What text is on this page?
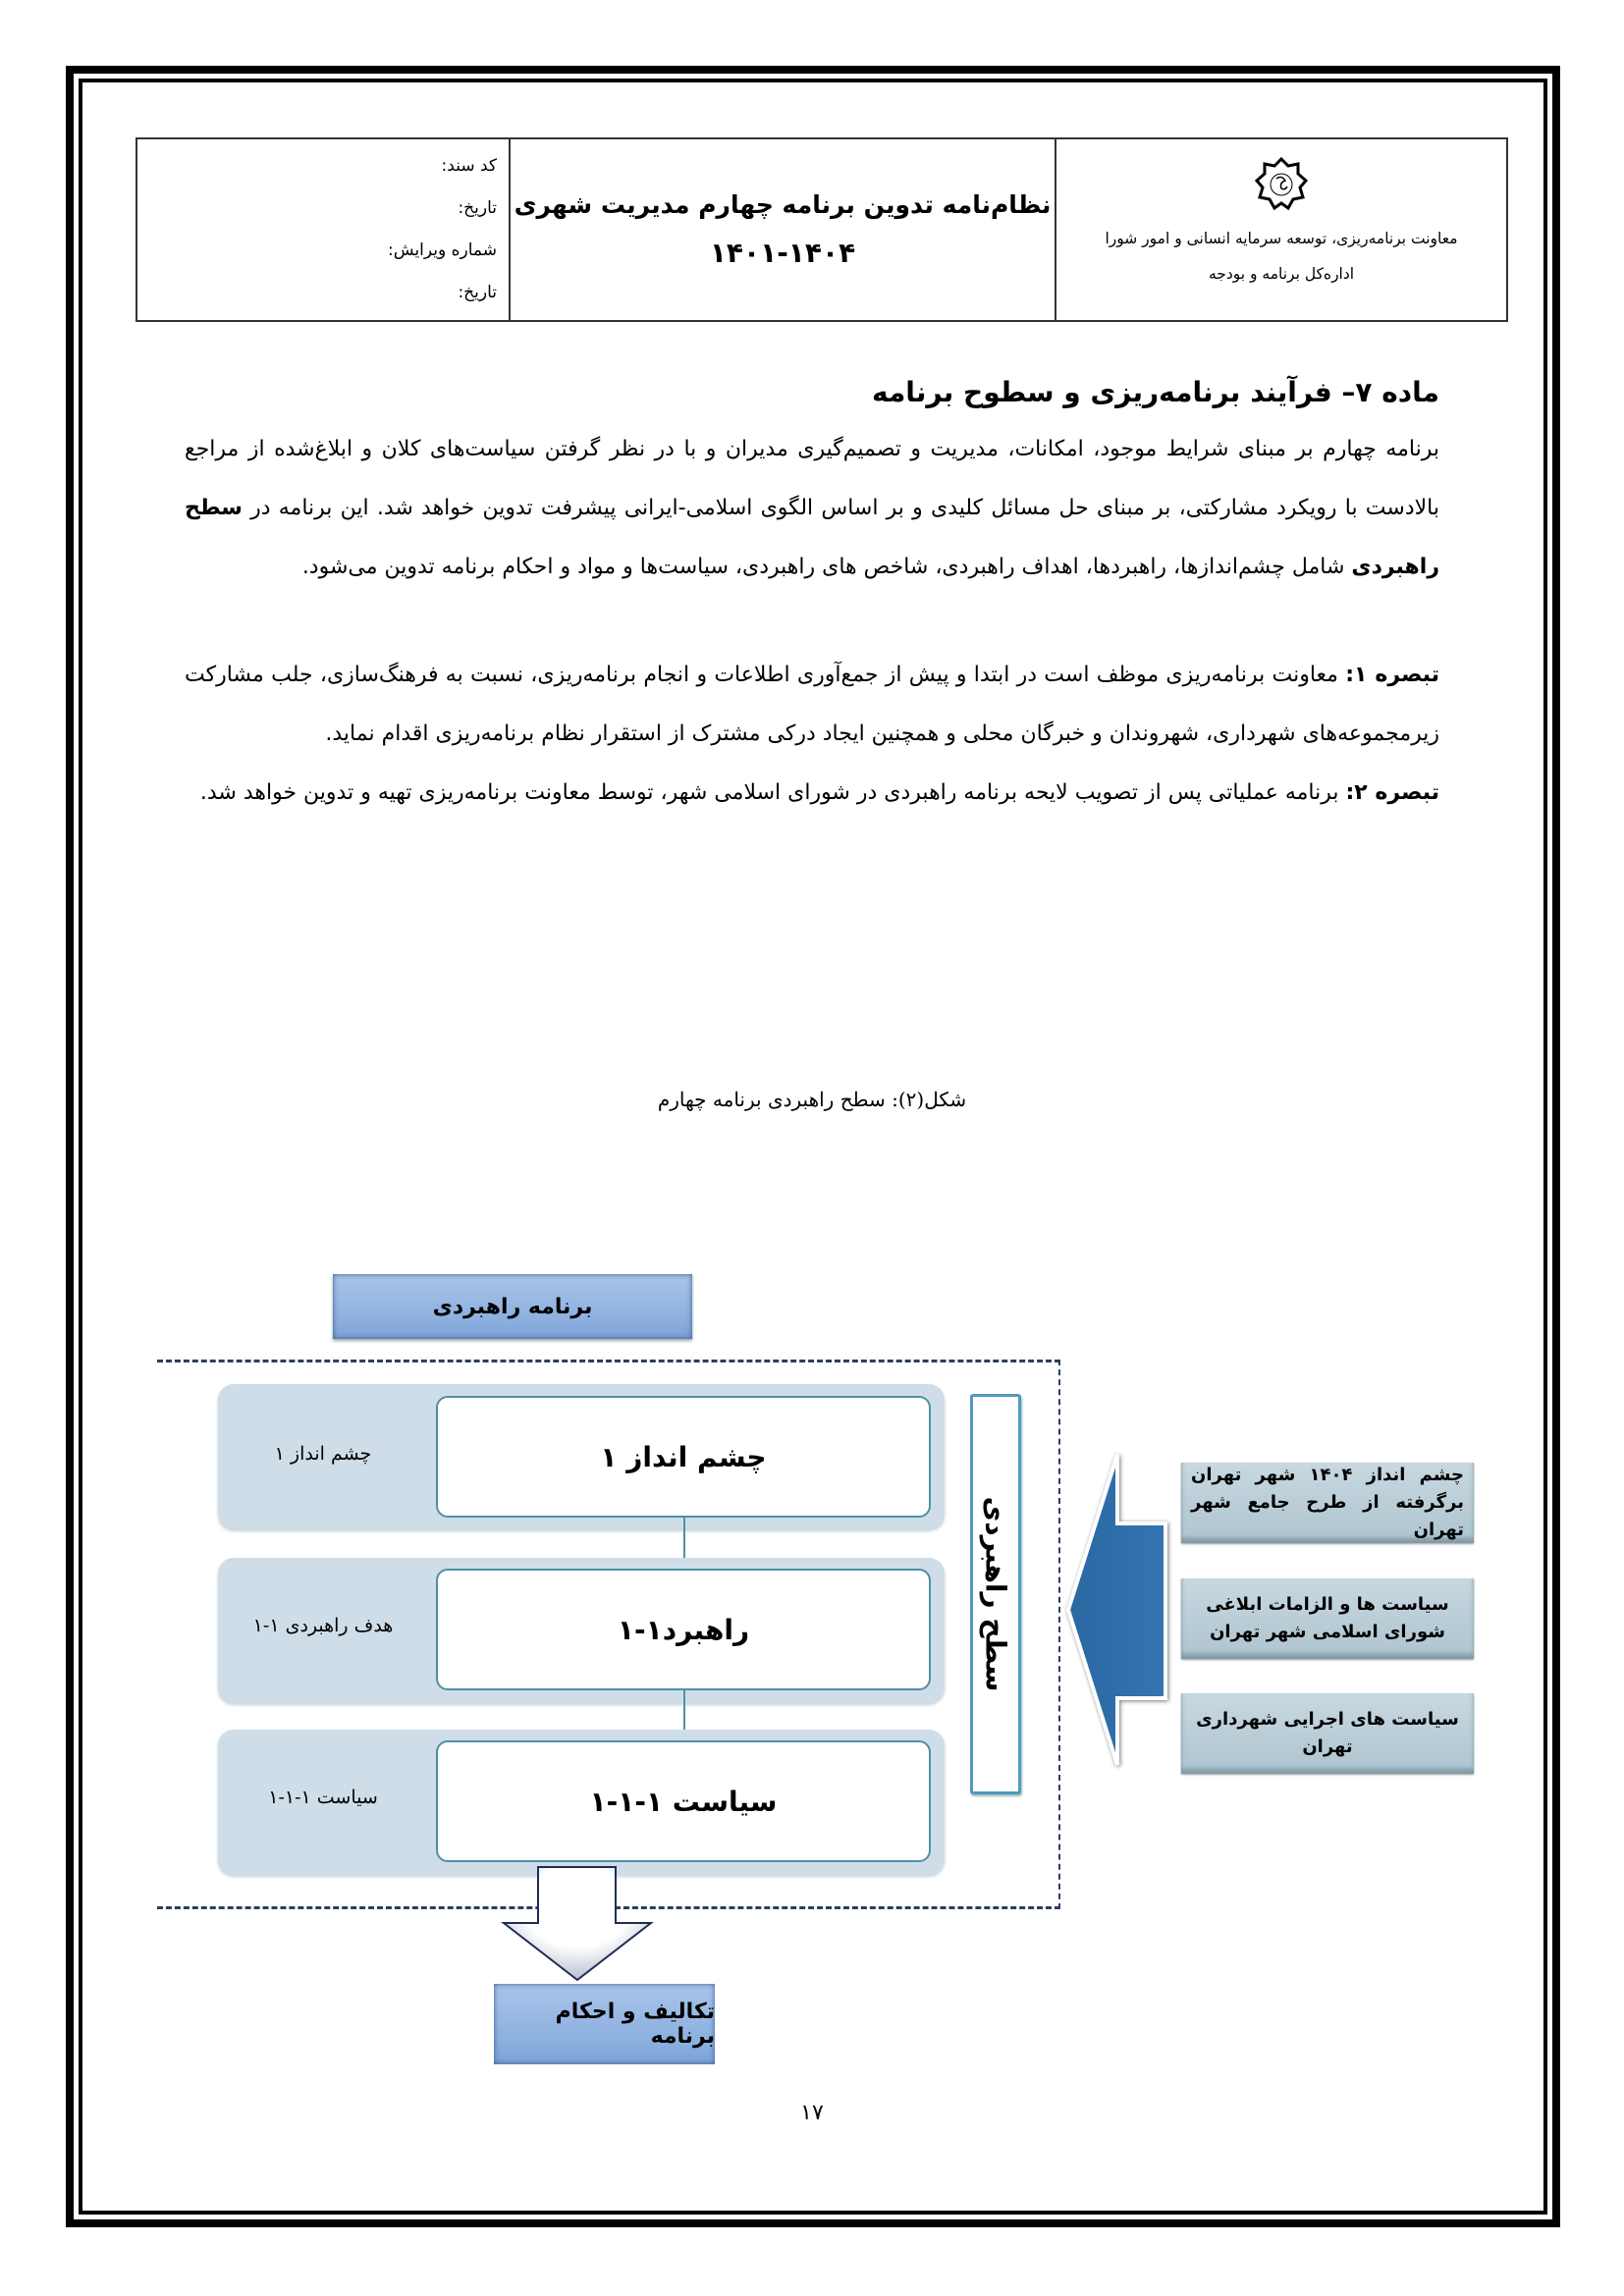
کد سند:
تاریخ:
شماره ویرایش:
تاریخ:
نظام‌نامه تدوین برنامه چهارم مدیریت شهری
۱۴۰۱-۱۴۰۴	معاونت برنامه‌ریزی، توسعه سرمایه انسانی و امور شورا
اداره‌کل برنامه و بودجه
ماده ۷– فرآیند برنامه‌ریزی و سطوح برنامه

برنامه چهارم بر مبنای شرایط موجود، امکانات، مدیریت و تصمیم‌گیری مدیران و با در نظر گرفتن سیاست‌های کلان و ابلاغ‌شده از مراجع بالادست با رویکرد مشارکتی، بر مبنای حل مسائل کلیدی و بر اساس الگوی اسلامی-ایرانی پیشرفت تدوین خواهد شد. این برنامه در سطح راهبردی شامل چشم‌اندازها، راهبردها، اهداف راهبردی، شاخص های راهبردی، سیاست‌ها و مواد و احکام برنامه تدوین می‌شود.

تبصره ۱: معاونت برنامه‌ریزی موظف است در ابتدا و پیش از جمع‌آوری اطلاعات و انجام برنامه‌ریزی، نسبت به فرهنگ‌سازی، جلب مشارکت زیرمجموعه‌های شهرداری، شهروندان و خبرگان محلی و همچنین ایجاد درکی مشترک از استقرار نظام برنامه‌ریزی اقدام نماید.

تبصره ۲: برنامه عملیاتی پس از تصویب لایحه برنامه راهبردی در شورای اسلامی شهر، توسط معاونت برنامه‌ریزی تهیه و تدوین خواهد شد.

شکل(۲): سطح راهبردی برنامه چهارم
برنامه راهبردی
چشم انداز ۱
چشم انداز ۱
راهبرد۱-۱
هدف راهبردی ۱-۱
سیاست ۱-۱-۱
سیاست ۱-۱-۱
سطح راهبردی
چشم انداز ۱۴۰۴ شهر تهران برگرفته از طرح جامع شهر تهران
سیاست ها و الزامات ابلاغی شورای اسلامی شهر تهران
سیاست های اجرایی شهرداری تهران
تکالیف و احکام برنامه
۱۷
